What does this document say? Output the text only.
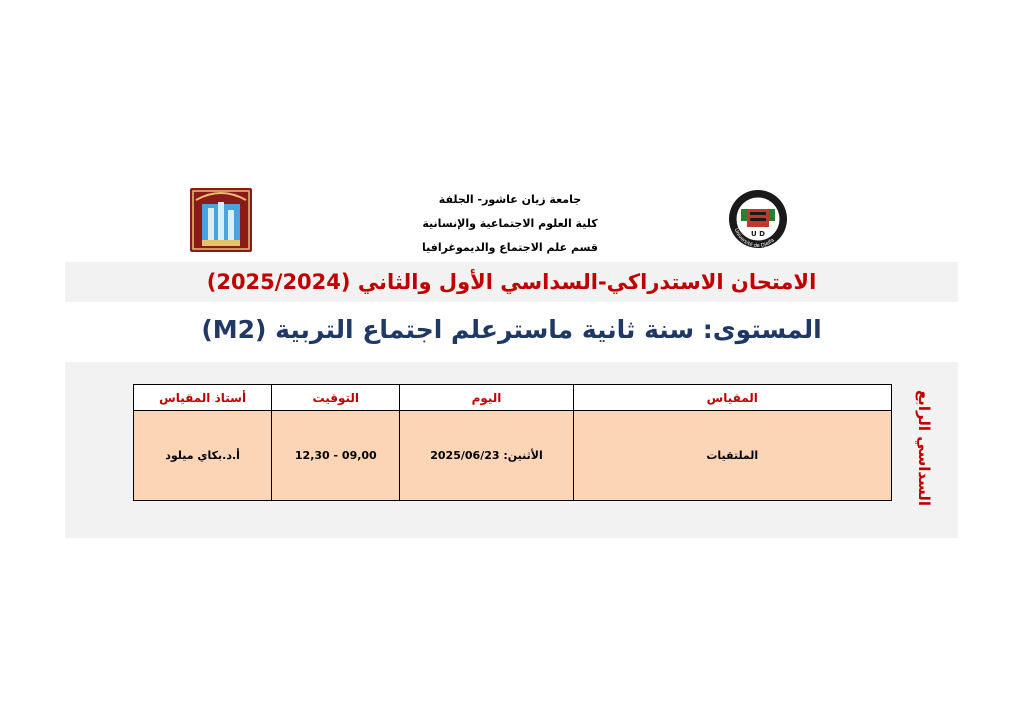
جامعة زيان عاشور- الجلفة
كلية العلوم الاجتماعية والإنسانية
قسم علم الاجتماع والديموغرافيا
U D
Université de Djelfa
الامتحان الاستدراكي-السداسي الأول والثاني (2025/2024)
المستوى: سنة ثانية ماسترعلم اجتماع التربية (M2)
المقياس	اليوم	التوقيت	أستاذ المقياس
الملتقيات	الأثنين: 2025/06/23	12,30 - 09,00	أ.د.بكاي ميلود	السداسي الرابع
